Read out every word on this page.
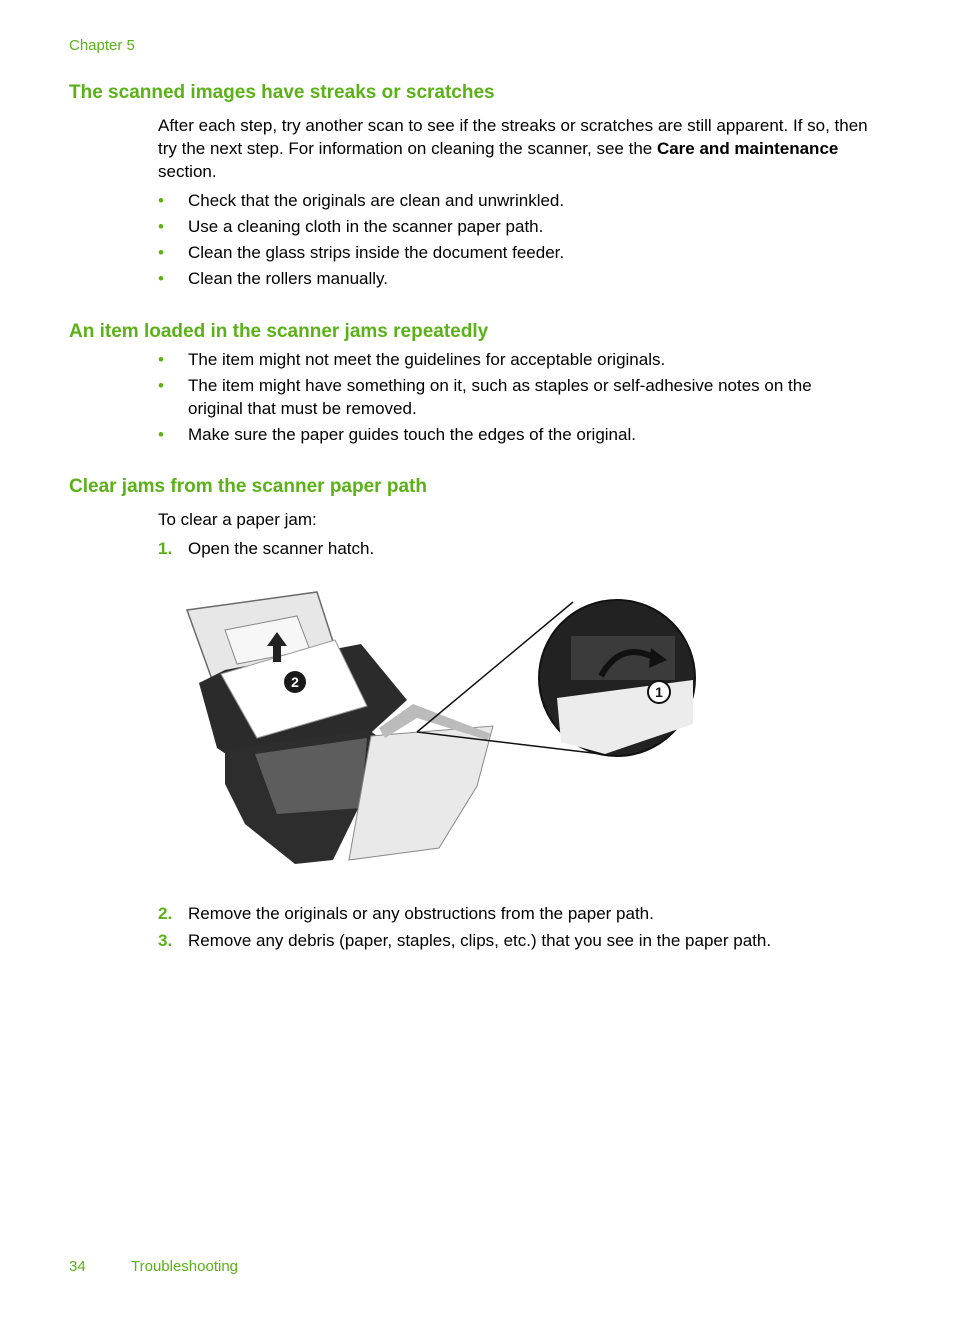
Chapter 5
The scanned images have streaks or scratches

After each step, try another scan to see if the streaks or scratches are still apparent. If so, then try the next step. For information on cleaning the scanner, see the Care and maintenance section.

• Check that the originals are clean and unwrinkled.
• Use a cleaning cloth in the scanner paper path.
• Clean the glass strips inside the document feeder.
• Clean the rollers manually.
An item loaded in the scanner jams repeatedly
• The item might not meet the guidelines for acceptable originals.
• The item might have something on it, such as staples or self-adhesive notes on the original that must be removed.
• Make sure the paper guides touch the edges of the original.
Clear jams from the scanner paper path

To clear a paper jam:

1. Open the scanner hatch.
2
1
2. Remove the originals or any obstructions from the paper path.
3. Remove any debris (paper, staples, clips, etc.) that you see in the paper path.
34	Troubleshooting
